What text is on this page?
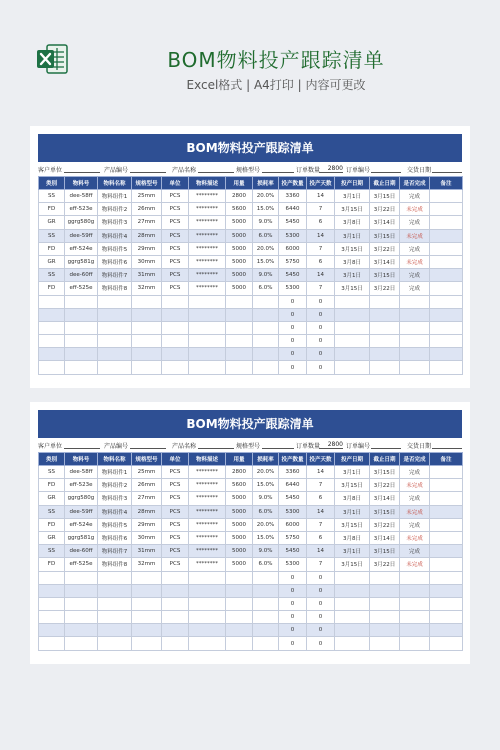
BOM物料投产跟踪清单
Excel格式 | A4打印 | 内容可更改
BOM物料投产跟踪清单
客户单位	产品编号	产品名称	规格型号	订单数量	2800 订单编号	交货日期
类别	物料号	物料名称	规格型号	单位	物料描述	用量	损耗率	投产数量	投产天数	投产日期	截止日期	是否完成	备注
SS	dee-58ff	物料组件1	25mm	PCS	********	2800	20.0%	3360	14	3月1日	3月15日	完成	
FD	eff-523e	物料组件2	26mm	PCS	********	5600	15.0%	6440	7	3月15日	3月22日	未完成	
GR	ggrg580g	物料组件3	27mm	PCS	********	5000	9.0%	5450	6	3月8日	3月14日	完成	
SS	dee-59ff	物料组件4	28mm	PCS	********	5000	6.0%	5300	14	3月1日	3月15日	未完成	
FD	eff-524e	物料组件5	29mm	PCS	********	5000	20.0%	6000	7	3月15日	3月22日	完成	
GR	ggrg581g	物料组件6	30mm	PCS	********	5000	15.0%	5750	6	3月8日	3月14日	未完成	
SS	dee-60ff	物料组件7	31mm	PCS	********	5000	9.0%	5450	14	3月1日	3月15日	完成	
FD	eff-525e	物料组件8	32mm	PCS	********	5000	6.0%	5300	7	3月15日	3月22日	完成	
								0	0				
								0	0				
								0	0				
								0	0				
								0	0				
								0	0				
BOM物料投产跟踪清单
客户单位	产品编号	产品名称	规格型号	订单数量	2800 订单编号	交货日期
类别	物料号	物料名称	规格型号	单位	物料描述	用量	损耗率	投产数量	投产天数	投产日期	截止日期	是否完成	备注
SS	dee-58ff	物料组件1	25mm	PCS	********	2800	20.0%	3360	14	3月1日	3月15日	完成	
FD	eff-523e	物料组件2	26mm	PCS	********	5600	15.0%	6440	7	3月15日	3月22日	未完成	
GR	ggrg580g	物料组件3	27mm	PCS	********	5000	9.0%	5450	6	3月8日	3月14日	完成	
SS	dee-59ff	物料组件4	28mm	PCS	********	5000	6.0%	5300	14	3月1日	3月15日	未完成	
FD	eff-524e	物料组件5	29mm	PCS	********	5000	20.0%	6000	7	3月15日	3月22日	完成	
GR	ggrg581g	物料组件6	30mm	PCS	********	5000	15.0%	5750	6	3月8日	3月14日	未完成	
SS	dee-60ff	物料组件7	31mm	PCS	********	5000	9.0%	5450	14	3月1日	3月15日	完成	
FD	eff-525e	物料组件8	32mm	PCS	********	5000	6.0%	5300	7	3月15日	3月22日	未完成	
								0	0				
								0	0				
								0	0				
								0	0				
								0	0				
								0	0				
